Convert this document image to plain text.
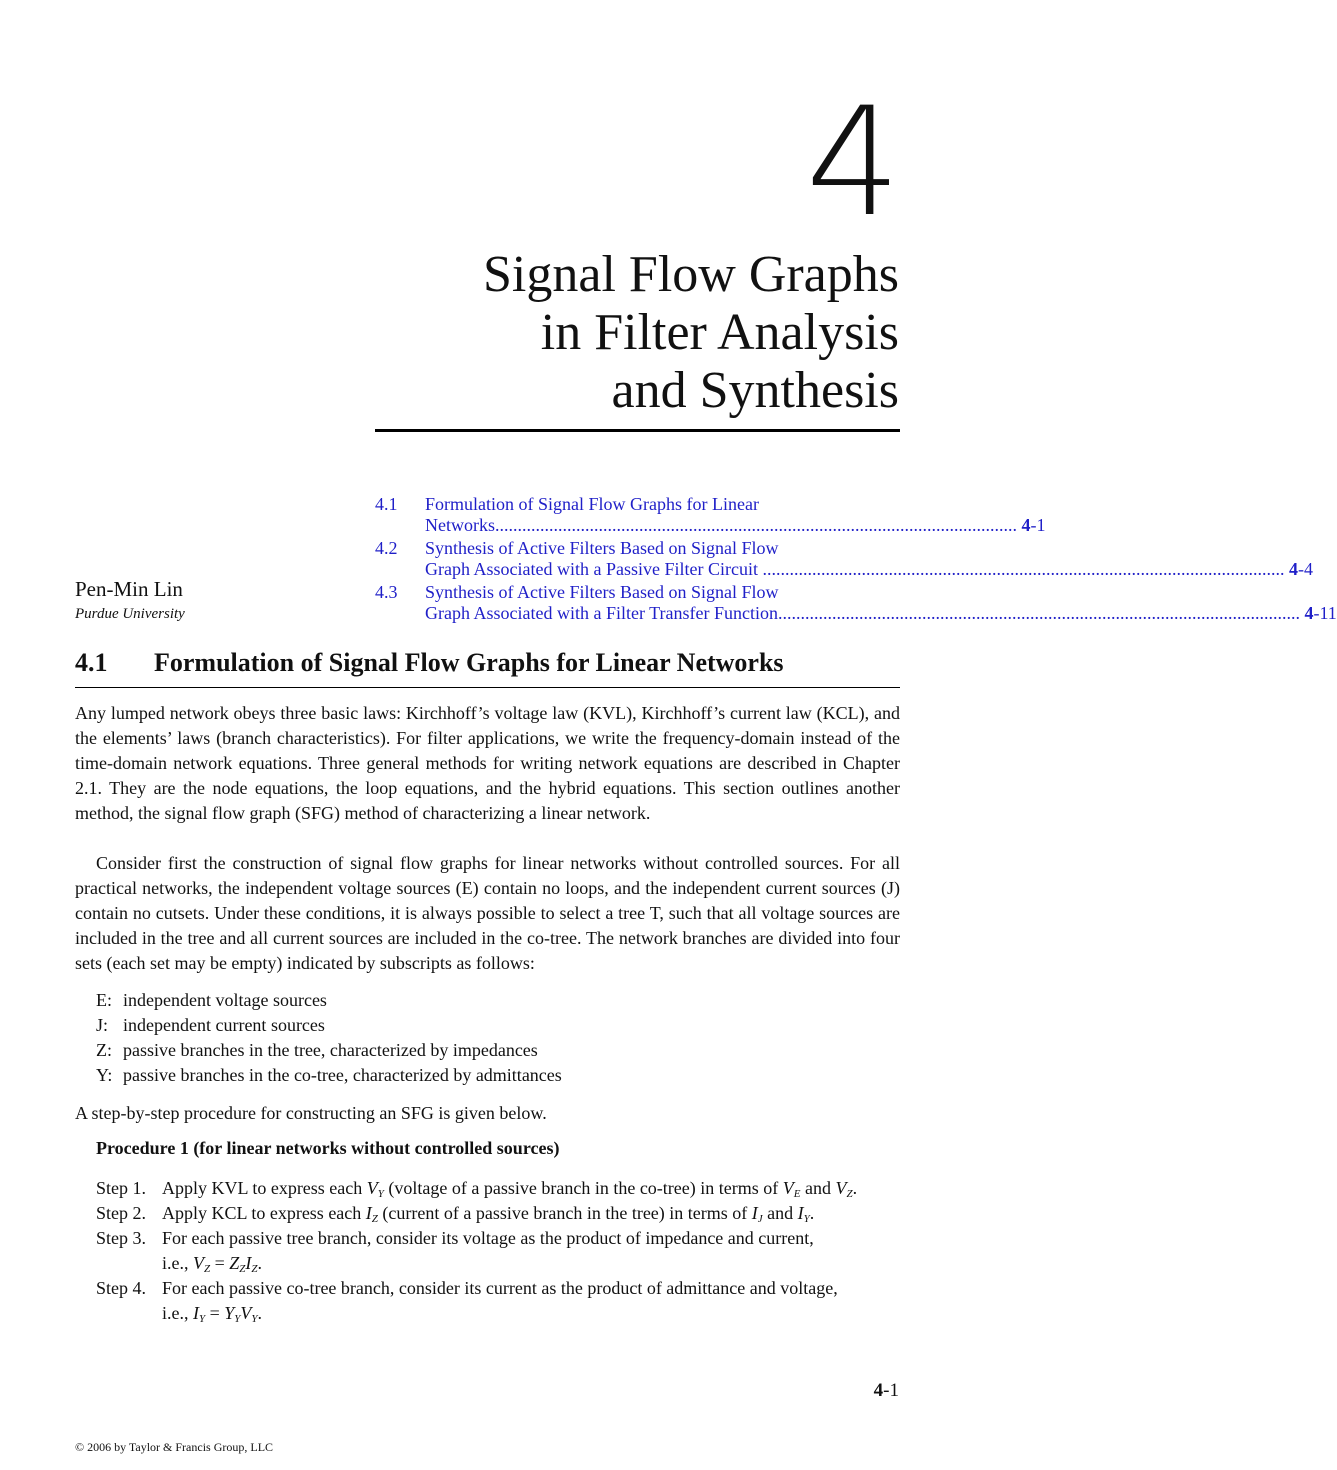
4
Signal Flow Graphs
in Filter Analysis
and Synthesis
4.1 Formulation of Signal Flow Graphs for Linear
Networks .................................................................................................................... 4-1
4.2 Synthesis of Active Filters Based on Signal Flow
Graph Associated with a Passive Filter Circuit .................................................................................................................... 4-4
4.3 Synthesis of Active Filters Based on Signal Flow
Graph Associated with a Filter Transfer Function .................................................................................................................... 4-11
Pen-Min Lin
Purdue University
4.1 Formulation of Signal Flow Graphs for Linear Networks
Any lumped network obeys three basic laws: Kirchhoff’s voltage law (KVL), Kirchhoff’s current law (KCL), and the elements’ laws (branch characteristics). For filter applications, we write the frequency-domain instead of the time-domain network equations. Three general methods for writing network equations are described in Chapter 2.1. They are the node equations, the loop equations, and the hybrid equations. This section outlines another method, the signal flow graph (SFG) method of characterizing a linear network.
Consider first the construction of signal flow graphs for linear networks without controlled sources. For all practical networks, the independent voltage sources (E) contain no loops, and the independent current sources (J) contain no cutsets. Under these conditions, it is always possible to select a tree T, such that all voltage sources are included in the tree and all current sources are included in the co-tree. The network branches are divided into four sets (each set may be empty) indicated by subscripts as follows:
E: independent voltage sources
J: independent current sources
Z: passive branches in the tree, characterized by impedances
Y: passive branches in the co-tree, characterized by admittances
A step-by-step procedure for constructing an SFG is given below.
Procedure 1 (for linear networks without controlled sources)
Step 1. Apply KVL to express each $V_Y$ (voltage of a passive branch in the co-tree) in terms of $V_E$ and $V_Z$.
Step 2. Apply KCL to express each $I_Z$ (current of a passive branch in the tree) in terms of $I_J$ and $I_Y$.
Step 3. For each passive tree branch, consider its voltage as the product of impedance and current,
i.e., $V_Z = Z_ZI_Z$.
Step 4. For each passive co-tree branch, consider its current as the product of admittance and voltage,
i.e., $I_Y = Y_YV_Y$.
4-1
© 2006 by Taylor & Francis Group, LLC
